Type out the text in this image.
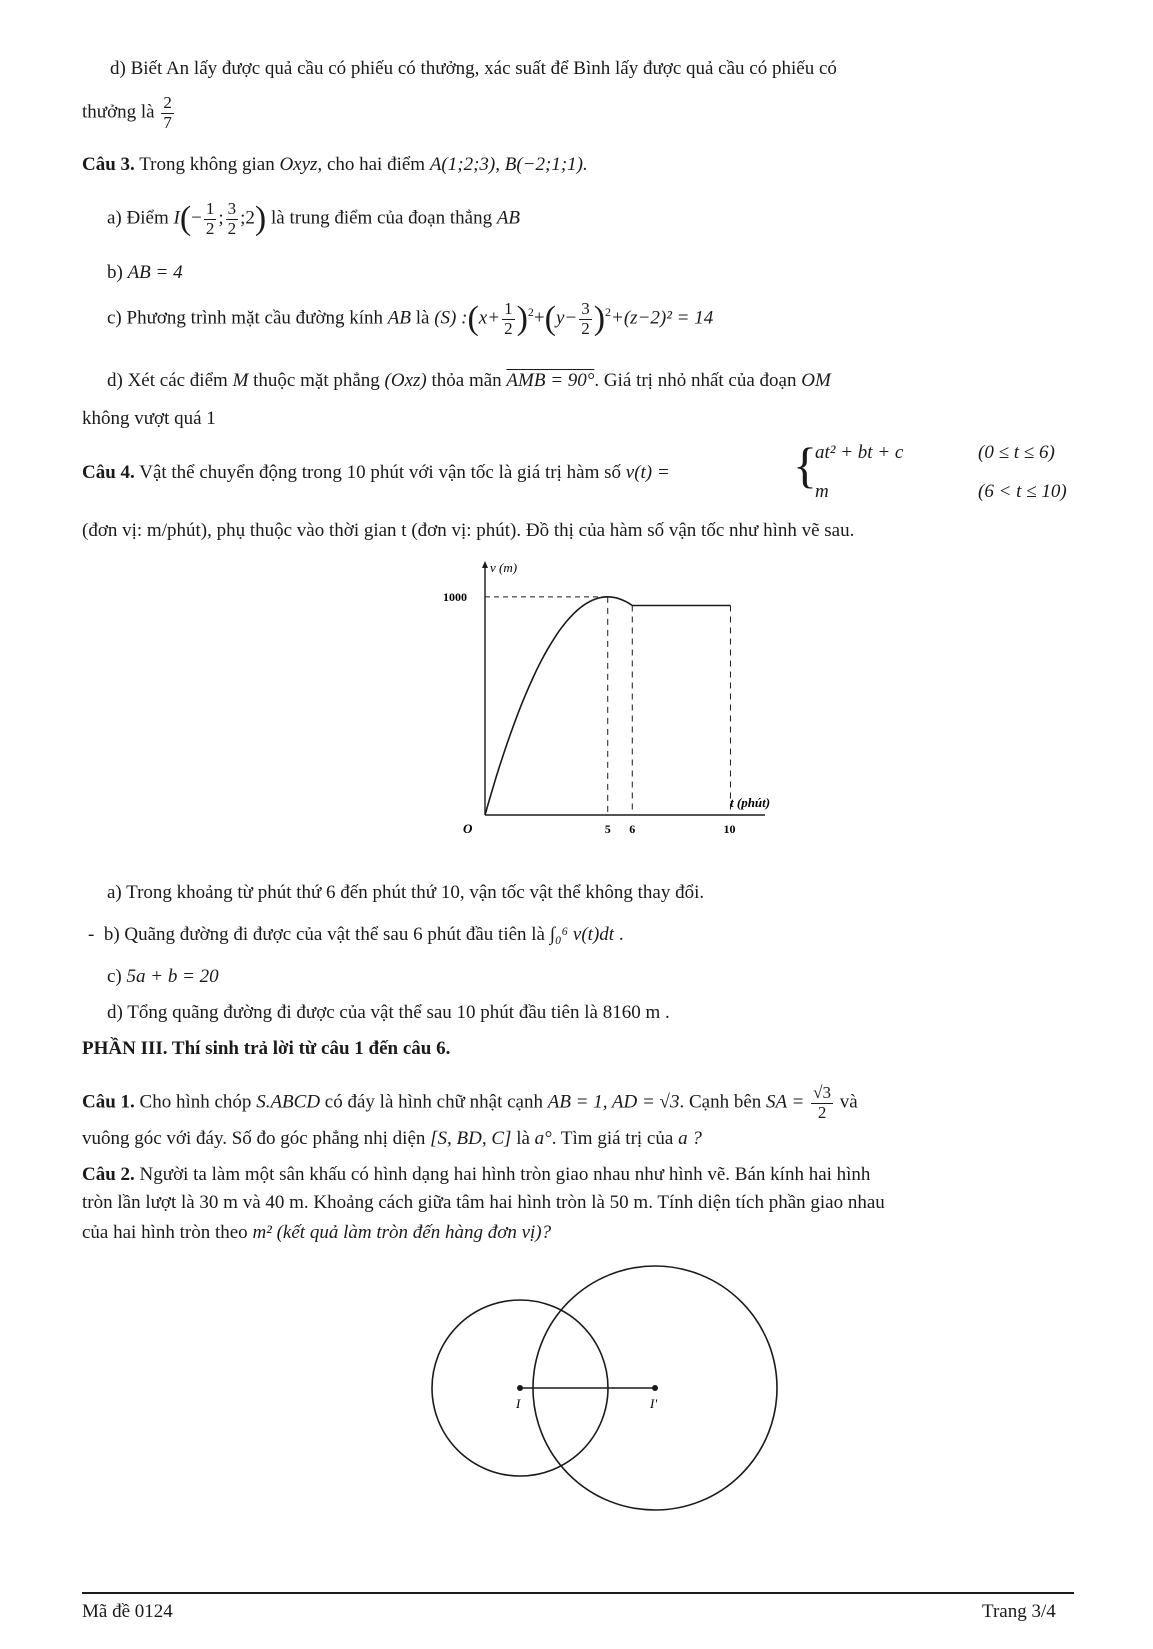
d) Biết An lấy được quả cầu có phiếu có thưởng, xác suất để Bình lấy được quả cầu có phiếu có
thưởng là $\frac{2}{7}$
Câu 3. Trong không gian Oxyz, cho hai điểm A(1;2;3), B(−2;1;1).
a) Điểm $I(- \frac{1}{2}$ ; $\frac{3}{2}$ ;2) là trung điểm của đoạn thẳng AB
b) AB = 4
c) Phương trình mặt cầu đường kính AB là (S) :(x+ $\frac{1}{2} )^2+(y- \frac{3}{2} )^2+(z-2)^2 = 14$
d) Xét các điểm M thuộc mặt phẳng (Oxz) thỏa mãn AMB = 90°. Giá trị nhỏ nhất của đoạn OM
không vượt quá 1
Câu 4. Vật thể chuyển động trong 10 phút với vận tốc là giá trị hàm số v(t) = {
at² + bt + c	(0 ≤ t ≤ 6)
m	(6 < t ≤ 10)
(đơn vị: m/phút), phụ thuộc vào thời gian t (đơn vị: phút). Đồ thị của hàm số vận tốc như hình vẽ sau.
v (m)
t (phút)
O
1000
5 6	10
a) Trong khoảng từ phút thứ 6 đến phút thứ 10, vận tốc vật thể không thay đổi.
-  b) Quãng đường đi được của vật thể sau 6 phút đầu tiên là ∫₀⁶ v(t)dt .
c) 5a + b = 20
d) Tổng quãng đường đi được của vật thể sau 10 phút đầu tiên là 8160 m .
PHẦN III. Thí sinh trả lời từ câu 1 đến câu 6.
Câu 1. Cho hình chóp S.ABCD có đáy là hình chữ nhật cạnh AB = 1, AD = √3. Cạnh bên SA = $\frac{√3}{2}$ và
vuông góc với đáy. Số đo góc phẳng nhị diện [S, BD, C] là a°. Tìm giá trị của a ?
Câu 2. Người ta làm một sân khấu có hình dạng hai hình tròn giao nhau như hình vẽ. Bán kính hai hình
tròn lần lượt là 30 m và 40 m. Khoảng cách giữa tâm hai hình tròn là 50 m. Tính diện tích phần giao nhau
của hai hình tròn theo m² (kết quả làm tròn đến hàng đơn vị)?
I	I'
Mã đề 0124	Trang 3/4
